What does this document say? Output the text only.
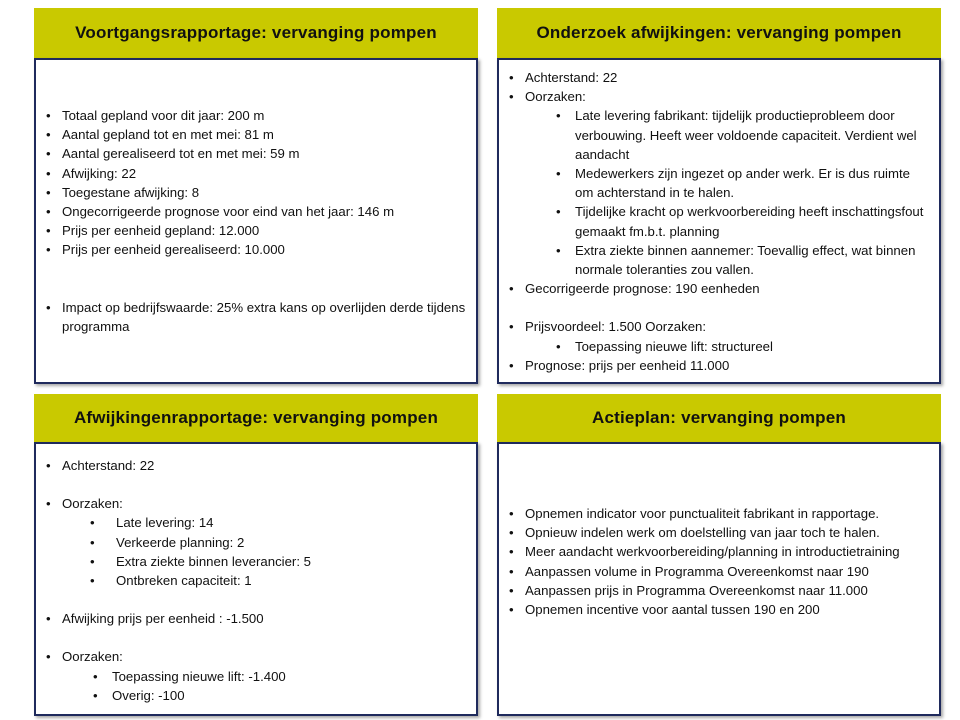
Voortgangsrapportage: vervanging pompen
• Totaal gepland voor dit jaar: 200 m
• Aantal gepland tot en met mei: 81 m
• Aantal gerealiseerd tot en met mei: 59 m
• Afwijking: 22
• Toegestane afwijking: 8
• Ongecorrigeerde prognose voor eind van het jaar: 146 m
• Prijs per eenheid gepland: 12.000
• Prijs per eenheid gerealiseerd: 10.000
• Impact op bedrijfswaarde: 25% extra kans op overlijden derde tijdens programma
Onderzoek afwijkingen: vervanging pompen
• Achterstand: 22
• Oorzaken:
• Late levering fabrikant: tijdelijk productieprobleem door verbouwing. Heeft weer voldoende capaciteit. Verdient wel aandacht
• Medewerkers zijn ingezet op ander werk. Er is dus ruimte om achterstand in te halen.
• Tijdelijke kracht op werkvoorbereiding heeft inschattingsfout gemaakt fm.b.t. planning
• Extra ziekte binnen aannemer: Toevallig effect, wat binnen normale toleranties zou vallen.
• Gecorrigeerde prognose: 190 eenheden
• Prijsvoordeel: 1.500 Oorzaken:
• Toepassing nieuwe lift: structureel
• Prognose: prijs per eenheid 11.000
Afwijkingenrapportage: vervanging pompen
• Achterstand: 22
• Oorzaken:
• Late levering: 14
• Verkeerde planning: 2
• Extra ziekte binnen leverancier: 5
• Ontbreken capaciteit: 1
• Afwijking prijs per eenheid : -1.500
• Oorzaken:
• Toepassing nieuwe lift: -1.400
• Overig: -100
Actieplan: vervanging pompen
• Opnemen indicator voor punctualiteit fabrikant in rapportage.
• Opnieuw indelen werk om doelstelling van jaar toch te halen.
• Meer aandacht werkvoorbereiding/planning in introductietraining
• Aanpassen volume in Programma Overeenkomst naar 190
• Aanpassen prijs in Programma Overeenkomst naar 11.000
• Opnemen incentive voor aantal tussen 190 en 200
